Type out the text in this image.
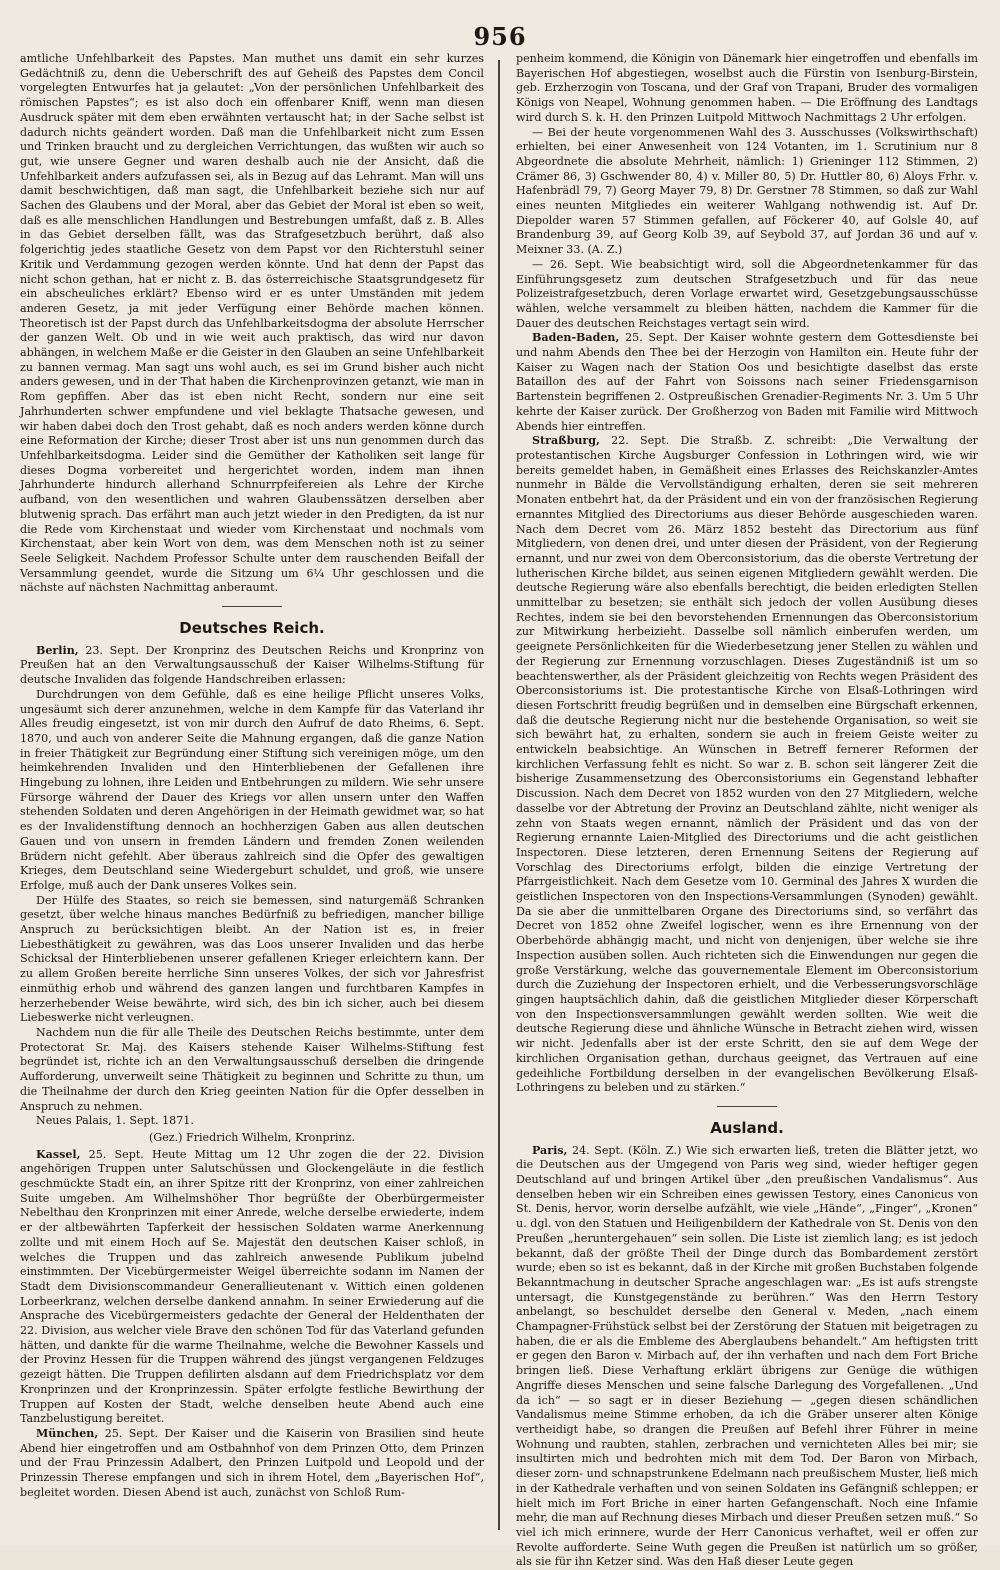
956

amtliche Unfehlbarkeit des Papstes. Man muthet uns damit ein sehr kurzes Gedächtniß zu, denn die Ueberschrift des auf Geheiß des Papstes dem Concil vorgelegten Entwurfes hat ja gelautet: „Von der persönlichen Unfehlbarkeit des römischen Papstes“; es ist also doch ein offenbarer Kniff, wenn man diesen Ausdruck später mit dem eben erwähnten vertauscht hat; in der Sache selbst ist dadurch nichts geändert worden. Daß man die Unfehlbarkeit nicht zum Essen und Trinken braucht und zu dergleichen Verrichtungen, das wußten wir auch so gut, wie unsere Gegner und waren deshalb auch nie der Ansicht, daß die Unfehlbarkeit anders aufzufassen sei, als in Bezug auf das Lehramt. Man will uns damit beschwichtigen, daß man sagt, die Unfehlbarkeit beziehe sich nur auf Sachen des Glaubens und der Moral, aber das Gebiet der Moral ist eben so weit, daß es alle menschlichen Handlungen und Bestrebungen umfaßt, daß z. B. Alles in das Gebiet derselben fällt, was das Strafgesetzbuch berührt, daß also folgerichtig jedes staatliche Gesetz von dem Papst vor den Richterstuhl seiner Kritik und Verdammung gezogen werden könnte. Und hat denn der Papst das nicht schon gethan, hat er nicht z. B. das österreichische Staatsgrundgesetz für ein abscheuliches erklärt? Ebenso wird er es unter Umständen mit jedem anderen Gesetz, ja mit jeder Verfügung einer Behörde machen können. Theoretisch ist der Papst durch das Unfehlbarkeitsdogma der absolute Herrscher der ganzen Welt. Ob und in wie weit auch praktisch, das wird nur davon abhängen, in welchem Maße er die Geister in den Glauben an seine Unfehlbarkeit zu bannen vermag. Man sagt uns wohl auch, es sei im Grund bisher auch nicht anders gewesen, und in der That haben die Kirchenprovinzen getanzt, wie man in Rom gepfiffen. Aber das ist eben nicht Recht, sondern nur eine seit Jahrhunderten schwer empfundene und viel beklagte Thatsache gewesen, und wir haben dabei doch den Trost gehabt, daß es noch anders werden könne durch eine Reformation der Kirche; dieser Trost aber ist uns nun genommen durch das Unfehlbarkeitsdogma. Leider sind die Gemüther der Katholiken seit lange für dieses Dogma vorbereitet und hergerichtet worden, indem man ihnen Jahrhunderte hindurch allerhand Schnurrpfeifereien als Lehre der Kirche aufband, von den wesentlichen und wahren Glaubenssätzen derselben aber blutwenig sprach. Das erfährt man auch jetzt wieder in den Predigten, da ist nur die Rede vom Kirchenstaat und wieder vom Kirchenstaat und nochmals vom Kirchenstaat, aber kein Wort von dem, was dem Menschen noth ist zu seiner Seele Seligkeit. Nachdem Professor Schulte unter dem rauschenden Beifall der Versammlung geendet, wurde die Sitzung um 6¼ Uhr geschlossen und die nächste auf nächsten Nachmittag anberaumt.

Deutsches Reich.

Berlin, 23. Sept. Der Kronprinz des Deutschen Reichs und Kronprinz von Preußen hat an den Verwaltungsausschuß der Kaiser Wilhelms-Stiftung für deutsche Invaliden das folgende Handschreiben erlassen:

Durchdrungen von dem Gefühle, daß es eine heilige Pflicht unseres Volks, ungesäumt sich derer anzunehmen, welche in dem Kampfe für das Vaterland ihr Alles freudig eingesetzt, ist von mir durch den Aufruf de dato Rheims, 6. Sept. 1870, und auch von anderer Seite die Mahnung ergangen, daß die ganze Nation in freier Thätigkeit zur Begründung einer Stiftung sich vereinigen möge, um den heimkehrenden Invaliden und den Hinterbliebenen der Gefallenen ihre Hingebung zu lohnen, ihre Leiden und Entbehrungen zu mildern. Wie sehr unsere Fürsorge während der Dauer des Kriegs vor allen unsern unter den Waffen stehenden Soldaten und deren Angehörigen in der Heimath gewidmet war, so hat es der Invalidenstiftung dennoch an hochherzigen Gaben aus allen deutschen Gauen und von unsern in fremden Ländern und fremden Zonen weilenden Brüdern nicht gefehlt. Aber überaus zahlreich sind die Opfer des gewaltigen Krieges, dem Deutschland seine Wiedergeburt schuldet, und groß, wie unsere Erfolge, muß auch der Dank unseres Volkes sein.

Der Hülfe des Staates, so reich sie bemessen, sind naturgemäß Schranken gesetzt, über welche hinaus manches Bedürfniß zu befriedigen, mancher billige Anspruch zu berücksichtigen bleibt. An der Nation ist es, in freier Liebesthätigkeit zu gewähren, was das Loos unserer Invaliden und das herbe Schicksal der Hinterbliebenen unserer gefallenen Krieger erleichtern kann. Der zu allem Großen bereite herrliche Sinn unseres Volkes, der sich vor Jahresfrist einmüthig erhob und während des ganzen langen und furchtbaren Kampfes in herzerhebender Weise bewährte, wird sich, des bin ich sicher, auch bei diesem Liebeswerke nicht verleugnen.

Nachdem nun die für alle Theile des Deutschen Reichs bestimmte, unter dem Protectorat Sr. Maj. des Kaisers stehende Kaiser Wilhelms-Stiftung fest begründet ist, richte ich an den Verwaltungsausschuß derselben die dringende Aufforderung, unverweilt seine Thätigkeit zu beginnen und Schritte zu thun, um die Theilnahme der durch den Krieg geeinten Nation für die Opfer desselben in Anspruch zu nehmen.

Neues Palais, 1. Sept. 1871.

(Gez.) Friedrich Wilhelm, Kronprinz.

Kassel, 25. Sept. Heute Mittag um 12 Uhr zogen die der 22. Division angehörigen Truppen unter Salutschüssen und Glockengeläute in die festlich geschmückte Stadt ein, an ihrer Spitze ritt der Kronprinz, von einer zahlreichen Suite umgeben. Am Wilhelmshöher Thor begrüßte der Oberbürgermeister Nebelthau den Kronprinzen mit einer Anrede, welche derselbe erwiederte, indem er der altbewährten Tapferkeit der hessischen Soldaten warme Anerkennung zollte und mit einem Hoch auf Se. Majestät den deutschen Kaiser schloß, in welches die Truppen und das zahlreich anwesende Publikum jubelnd einstimmten. Der Vicebürgermeister Weigel überreichte sodann im Namen der Stadt dem Divisionscommandeur Generallieutenant v. Wittich einen goldenen Lorbeerkranz, welchen derselbe dankend annahm. In seiner Erwiederung auf die Ansprache des Vicebürgermeisters gedachte der General der Heldenthaten der 22. Division, aus welcher viele Brave den schönen Tod für das Vaterland gefunden hätten, und dankte für die warme Theilnahme, welche die Bewohner Kassels und der Provinz Hessen für die Truppen während des jüngst vergangenen Feldzuges gezeigt hätten. Die Truppen defilirten alsdann auf dem Friedrichsplatz vor dem Kronprinzen und der Kronprinzessin. Später erfolgte festliche Bewirthung der Truppen auf Kosten der Stadt, welche denselben heute Abend auch eine Tanzbelustigung bereitet.

München, 25. Sept. Der Kaiser und die Kaiserin von Brasilien sind heute Abend hier eingetroffen und am Ostbahnhof von dem Prinzen Otto, dem Prinzen und der Frau Prinzessin Adalbert, den Prinzen Luitpold und Leopold und der Prinzessin Therese empfangen und sich in ihrem Hotel, dem „Bayerischen Hof“, begleitet worden. Diesen Abend ist auch, zunächst von Schloß Rum-

penheim kommend, die Königin von Dänemark hier eingetroffen und ebenfalls im Bayerischen Hof abgestiegen, woselbst auch die Fürstin von Isenburg-Birstein, geb. Erzherzogin von Toscana, und der Graf von Trapani, Bruder des vormaligen Königs von Neapel, Wohnung genommen haben. — Die Eröffnung des Landtags wird durch S. k. H. den Prinzen Luitpold Mittwoch Nachmittags 2 Uhr erfolgen.

— Bei der heute vorgenommenen Wahl des 3. Ausschusses (Volkswirthschaft) erhielten, bei einer Anwesenheit von 124 Votanten, im 1. Scrutinium nur 8 Abgeordnete die absolute Mehrheit, nämlich: 1) Grieninger 112 Stimmen, 2) Crämer 86, 3) Gschwender 80, 4) v. Miller 80, 5) Dr. Huttler 80, 6) Aloys Frhr. v. Hafenbrädl 79, 7) Georg Mayer 79, 8) Dr. Gerstner 78 Stimmen, so daß zur Wahl eines neunten Mitgliedes ein weiterer Wahlgang nothwendig ist. Auf Dr. Diepolder waren 57 Stimmen gefallen, auf Föckerer 40, auf Golsle 40, auf Brandenburg 39, auf Georg Kolb 39, auf Seybold 37, auf Jordan 36 und auf v. Meixner 33. (A. Z.)

— 26. Sept. Wie beabsichtigt wird, soll die Abgeordnetenkammer für das Einführungsgesetz zum deutschen Strafgesetzbuch und für das neue Polizeistrafgesetzbuch, deren Vorlage erwartet wird, Gesetzgebungsausschüsse wählen, welche versammelt zu bleiben hätten, nachdem die Kammer für die Dauer des deutschen Reichstages vertagt sein wird.

Baden-Baden, 25. Sept. Der Kaiser wohnte gestern dem Gottesdienste bei und nahm Abends den Thee bei der Herzogin von Hamilton ein. Heute fuhr der Kaiser zu Wagen nach der Station Oos und besichtigte daselbst das erste Bataillon des auf der Fahrt von Soissons nach seiner Friedensgarnison Bartenstein begriffenen 2. Ostpreußischen Grenadier-Regiments Nr. 3. Um 5 Uhr kehrte der Kaiser zurück. Der Großherzog von Baden mit Familie wird Mittwoch Abends hier eintreffen.

Straßburg, 22. Sept. Die Straßb. Z. schreibt: „Die Verwaltung der protestantischen Kirche Augsburger Confession in Lothringen wird, wie wir bereits gemeldet haben, in Gemäßheit eines Erlasses des Reichskanzler-Amtes nunmehr in Bälde die Vervollständigung erhalten, deren sie seit mehreren Monaten entbehrt hat, da der Präsident und ein von der französischen Regierung ernanntes Mitglied des Directoriums aus dieser Behörde ausgeschieden waren. Nach dem Decret vom 26. März 1852 besteht das Directorium aus fünf Mitgliedern, von denen drei, und unter diesen der Präsident, von der Regierung ernannt, und nur zwei von dem Oberconsistorium, das die oberste Vertretung der lutherischen Kirche bildet, aus seinen eigenen Mitgliedern gewählt werden. Die deutsche Regierung wäre also ebenfalls berechtigt, die beiden erledigten Stellen unmittelbar zu besetzen; sie enthält sich jedoch der vollen Ausübung dieses Rechtes, indem sie bei den bevorstehenden Ernennungen das Oberconsistorium zur Mitwirkung herbeizieht. Dasselbe soll nämlich einberufen werden, um geeignete Persönlichkeiten für die Wiederbesetzung jener Stellen zu wählen und der Regierung zur Ernennung vorzuschlagen. Dieses Zugeständniß ist um so beachtenswerther, als der Präsident gleichzeitig von Rechts wegen Präsident des Oberconsistoriums ist. Die protestantische Kirche von Elsaß-Lothringen wird diesen Fortschritt freudig begrüßen und in demselben eine Bürgschaft erkennen, daß die deutsche Regierung nicht nur die bestehende Organisation, so weit sie sich bewährt hat, zu erhalten, sondern sie auch in freiem Geiste weiter zu entwickeln beabsichtige. An Wünschen in Betreff fernerer Reformen der kirchlichen Verfassung fehlt es nicht. So war z. B. schon seit längerer Zeit die bisherige Zusammensetzung des Oberconsistoriums ein Gegenstand lebhafter Discussion. Nach dem Decret von 1852 wurden von den 27 Mitgliedern, welche dasselbe vor der Abtretung der Provinz an Deutschland zählte, nicht weniger als zehn von Staats wegen ernannt, nämlich der Präsident und das von der Regierung ernannte Laien-Mitglied des Directoriums und die acht geistlichen Inspectoren. Diese letzteren, deren Ernennung Seitens der Regierung auf Vorschlag des Directoriums erfolgt, bilden die einzige Vertretung der Pfarrgeistlichkeit. Nach dem Gesetze vom 10. Germinal des Jahres X wurden die geistlichen Inspectoren von den Inspections-Versammlungen (Synoden) gewählt. Da sie aber die unmittelbaren Organe des Directoriums sind, so verfährt das Decret von 1852 ohne Zweifel logischer, wenn es ihre Ernennung von der Oberbehörde abhängig macht, und nicht von denjenigen, über welche sie ihre Inspection ausüben sollen. Auch richteten sich die Einwendungen nur gegen die große Verstärkung, welche das gouvernementale Element im Oberconsistorium durch die Zuziehung der Inspectoren erhielt, und die Verbesserungsvorschläge gingen hauptsächlich dahin, daß die geistlichen Mitglieder dieser Körperschaft von den Inspectionsversammlungen gewählt werden sollten. Wie weit die deutsche Regierung diese und ähnliche Wünsche in Betracht ziehen wird, wissen wir nicht. Jedenfalls aber ist der erste Schritt, den sie auf dem Wege der kirchlichen Organisation gethan, durchaus geeignet, das Vertrauen auf eine gedeihliche Fortbildung derselben in der evangelischen Bevölkerung Elsaß-Lothringens zu beleben und zu stärken.“

Ausland.

Paris, 24. Sept. (Köln. Z.) Wie sich erwarten ließ, treten die Blätter jetzt, wo die Deutschen aus der Umgegend von Paris weg sind, wieder heftiger gegen Deutschland auf und bringen Artikel über „den preußischen Vandalismus“. Aus denselben heben wir ein Schreiben eines gewissen Testory, eines Canonicus von St. Denis, hervor, worin derselbe aufzählt, wie viele „Hände“, „Finger“, „Kronen“ u. dgl. von den Statuen und Heiligenbildern der Kathedrale von St. Denis von den Preußen „heruntergehauen“ sein sollen. Die Liste ist ziemlich lang; es ist jedoch bekannt, daß der größte Theil der Dinge durch das Bombardement zerstört wurde; eben so ist es bekannt, daß in der Kirche mit großen Buchstaben folgende Bekanntmachung in deutscher Sprache angeschlagen war: „Es ist aufs strengste untersagt, die Kunstgegenstände zu berühren.“ Was den Herrn Testory anbelangt, so beschuldet derselbe den General v. Meden, „nach einem Champagner-Frühstück selbst bei der Zerstörung der Statuen mit beigetragen zu haben, die er als die Embleme des Aberglaubens behandelt.“ Am heftigsten tritt er gegen den Baron v. Mirbach auf, der ihn verhaften und nach dem Fort Briche bringen ließ. Diese Verhaftung erklärt übrigens zur Genüge die wüthigen Angriffe dieses Menschen und seine falsche Darlegung des Vorgefallenen. „Und da ich“ — so sagt er in dieser Beziehung — „gegen diesen schändlichen Vandalismus meine Stimme erhoben, da ich die Gräber unserer alten Könige vertheidigt habe, so drangen die Preußen auf Befehl ihrer Führer in meine Wohnung und raubten, stahlen, zerbrachen und vernichteten Alles bei mir; sie insultirten mich und bedrohten mich mit dem Tod. Der Baron von Mirbach, dieser zorn- und schnapstrunkene Edelmann nach preußischem Muster, ließ mich in der Kathedrale verhaften und von seinen Soldaten ins Gefängniß schleppen; er hielt mich im Fort Briche in einer harten Gefangenschaft. Noch eine Infamie mehr, die man auf Rechnung dieses Mirbach und dieser Preußen setzen muß.“ So viel ich mich erinnere, wurde der Herr Canonicus verhaftet, weil er offen zur Revolte aufforderte. Seine Wuth gegen die Preußen ist natürlich um so größer, als sie für ihn Ketzer sind. Was den Haß dieser Leute gegen
